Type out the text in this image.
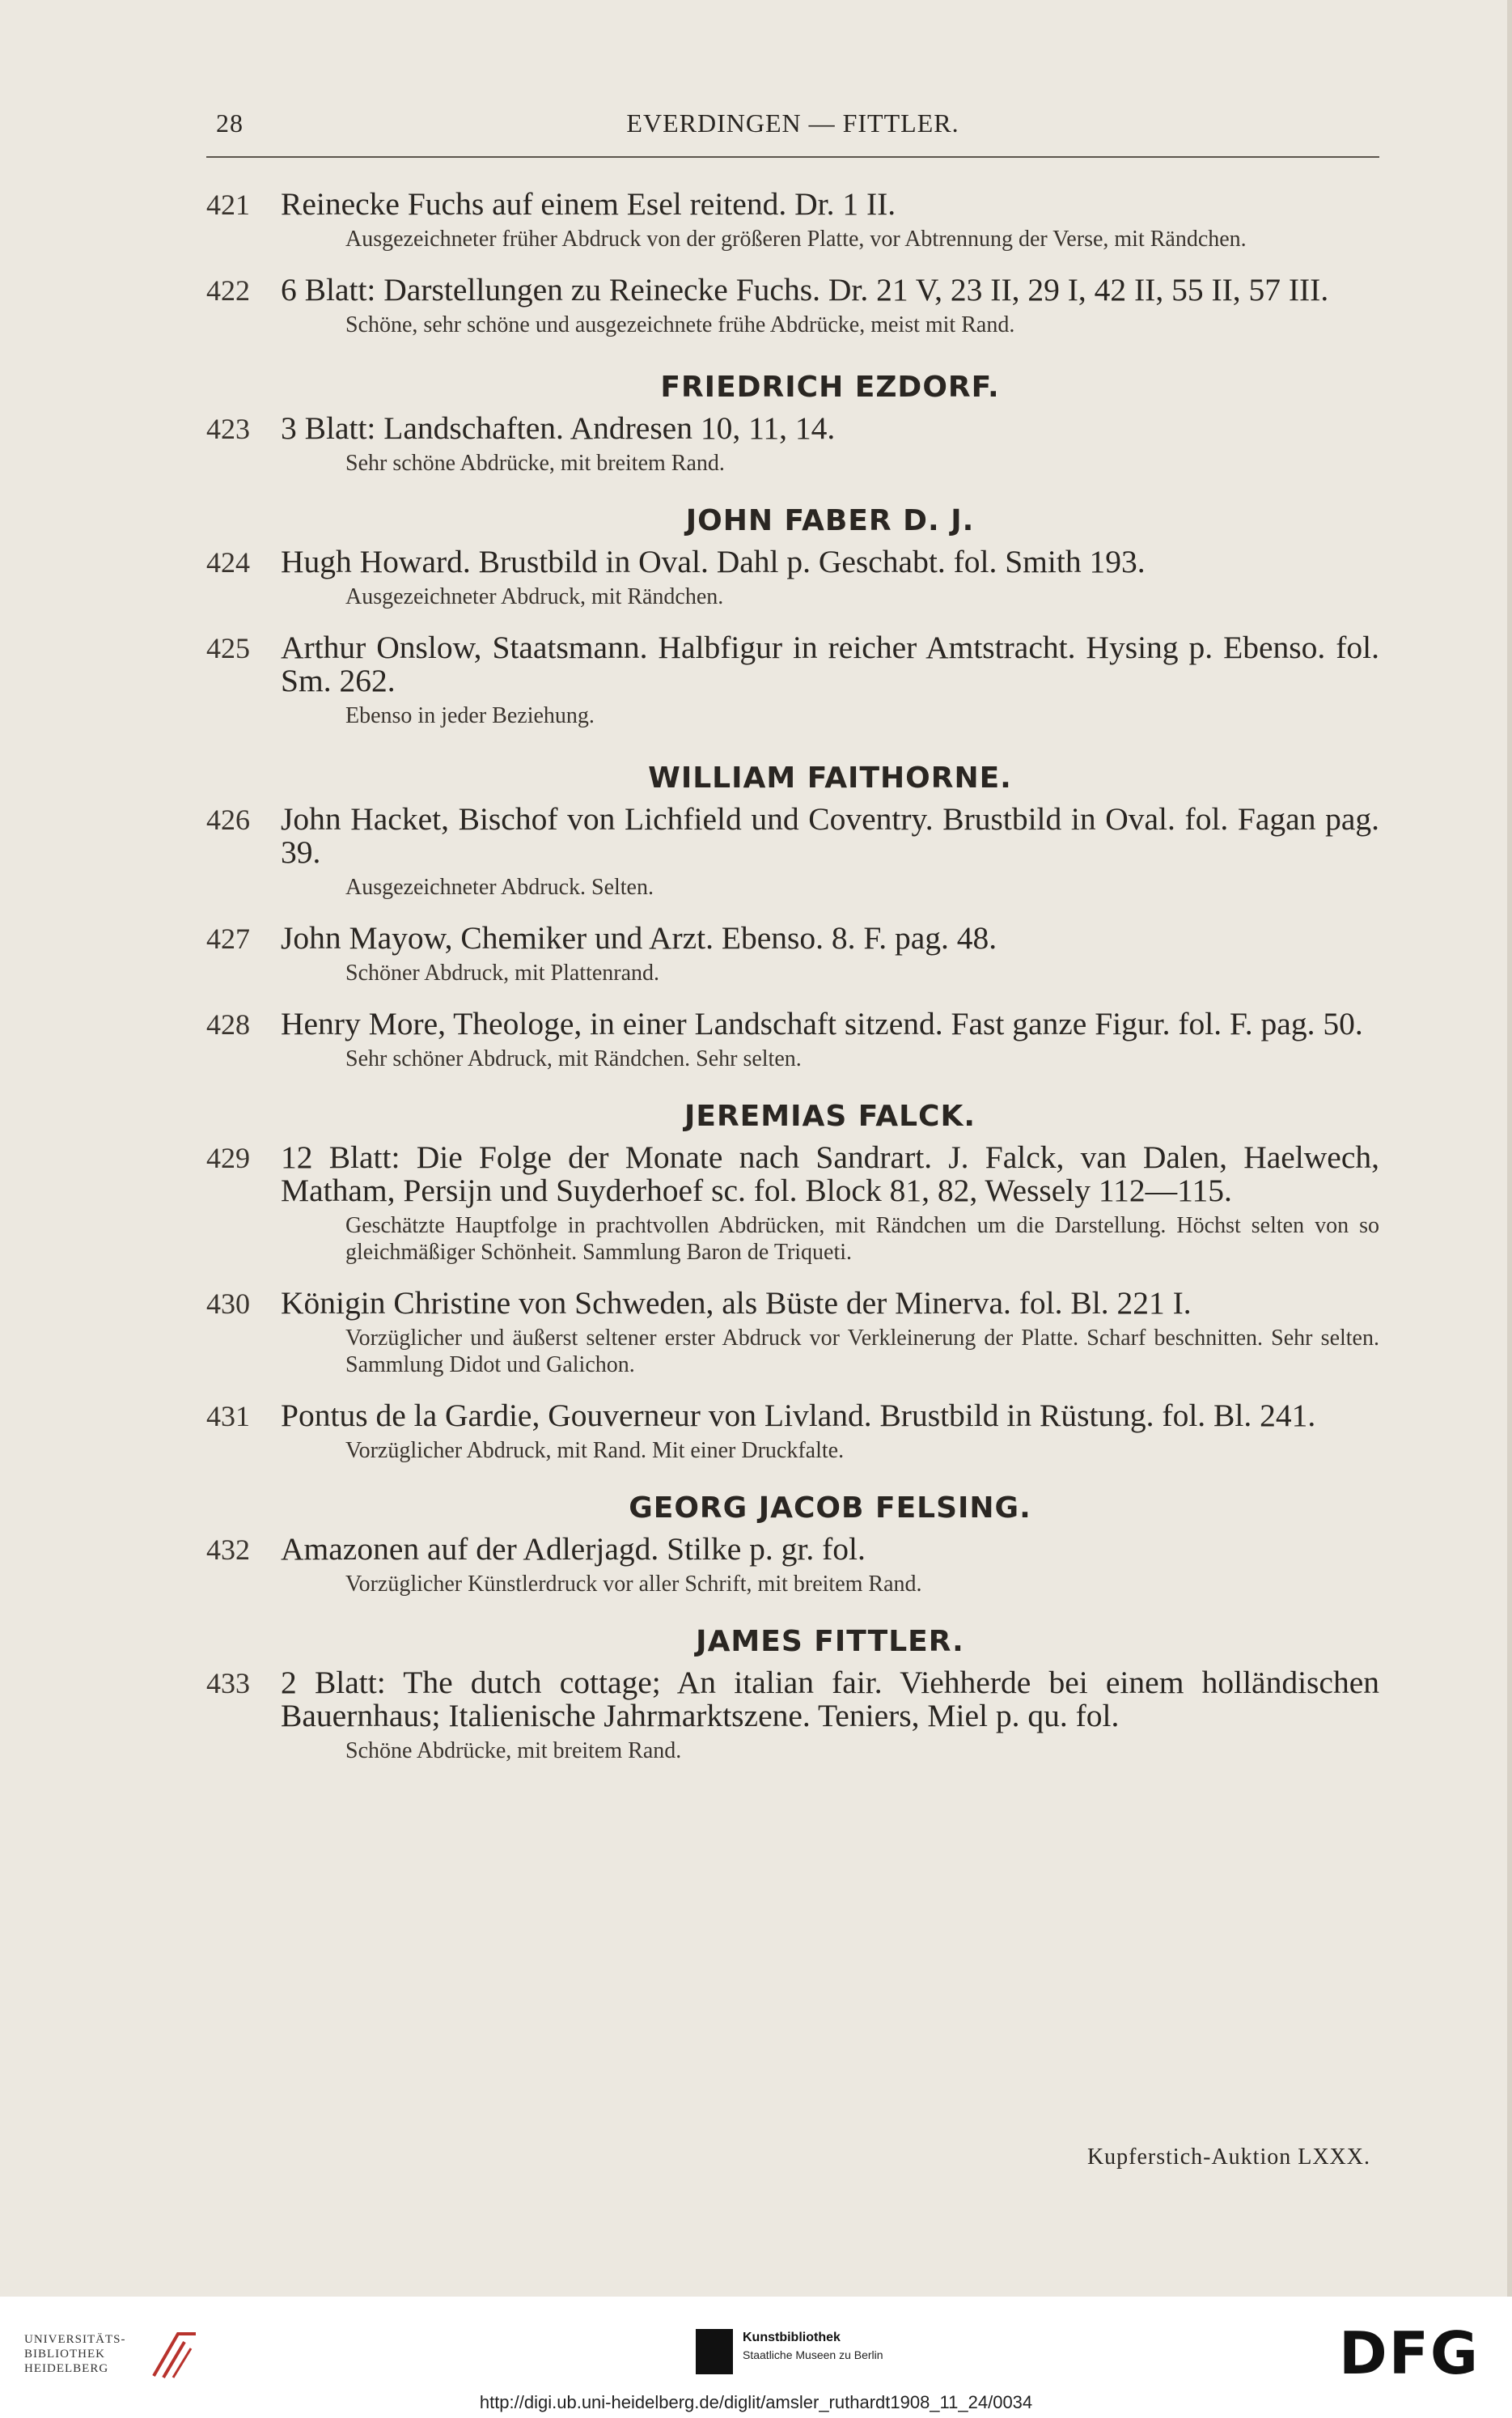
28	EVERDINGEN — FITTLER.
421 Reinecke Fuchs auf einem Esel reitend. Dr. 1 II.
Ausgezeichneter früher Abdruck von der größeren Platte, vor Abtrennung der Verse, mit Rändchen.
422 6 Blatt: Darstellungen zu Reinecke Fuchs. Dr. 21 V, 23 II, 29 I, 42 II, 55 II, 57 III.
Schöne, sehr schöne und ausgezeichnete frühe Abdrücke, meist mit Rand.
FRIEDRICH EZDORF.
423 3 Blatt: Landschaften. Andresen 10, 11, 14.
Sehr schöne Abdrücke, mit breitem Rand.
JOHN FABER D. J.
424 Hugh Howard. Brustbild in Oval. Dahl p. Geschabt. fol. Smith 193.
Ausgezeichneter Abdruck, mit Rändchen.
425 Arthur Onslow, Staatsmann. Halbfigur in reicher Amtstracht. Hysing p. Ebenso. fol. Sm. 262.
Ebenso in jeder Beziehung.
WILLIAM FAITHORNE.
426 John Hacket, Bischof von Lichfield und Coventry. Brustbild in Oval. fol. Fagan pag. 39.
Ausgezeichneter Abdruck. Selten.
427 John Mayow, Chemiker und Arzt. Ebenso. 8. F. pag. 48.
Schöner Abdruck, mit Plattenrand.
428 Henry More, Theologe, in einer Landschaft sitzend. Fast ganze Figur. fol. F. pag. 50.
Sehr schöner Abdruck, mit Rändchen. Sehr selten.
JEREMIAS FALCK.
429 12 Blatt: Die Folge der Monate nach Sandrart. J. Falck, van Dalen, Haelwech, Matham, Persijn und Suyderhoef sc. fol. Block 81, 82, Wessely 112—115.
Geschätzte Hauptfolge in prachtvollen Abdrücken, mit Rändchen um die Darstellung. Höchst selten von so gleichmäßiger Schönheit. Sammlung Baron de Triqueti.
430 Königin Christine von Schweden, als Büste der Minerva. fol. Bl. 221 I.
Vorzüglicher und äußerst seltener erster Abdruck vor Verkleinerung der Platte. Scharf beschnitten. Sehr selten. Sammlung Didot und Galichon.
431 Pontus de la Gardie, Gouverneur von Livland. Brustbild in Rüstung. fol. Bl. 241.
Vorzüglicher Abdruck, mit Rand. Mit einer Druckfalte.
GEORG JACOB FELSING.
432 Amazonen auf der Adlerjagd. Stilke p. gr. fol.
Vorzüglicher Künstlerdruck vor aller Schrift, mit breitem Rand.
JAMES FITTLER.
433 2 Blatt: The dutch cottage; An italian fair. Viehherde bei einem holländischen Bauernhaus; Italienische Jahrmarktszene. Teniers, Miel p. qu. fol.
Schöne Abdrücke, mit breitem Rand.
Kupferstich-Auktion LXXX.
UNIVERSITÄTS-
BIBLIOTHEK
HEIDELBERG
Kunstbibliothek
Staatliche Museen zu Berlin	DFG
http://digi.ub.uni-heidelberg.de/diglit/amsler_ruthardt1908_11_24/0034
